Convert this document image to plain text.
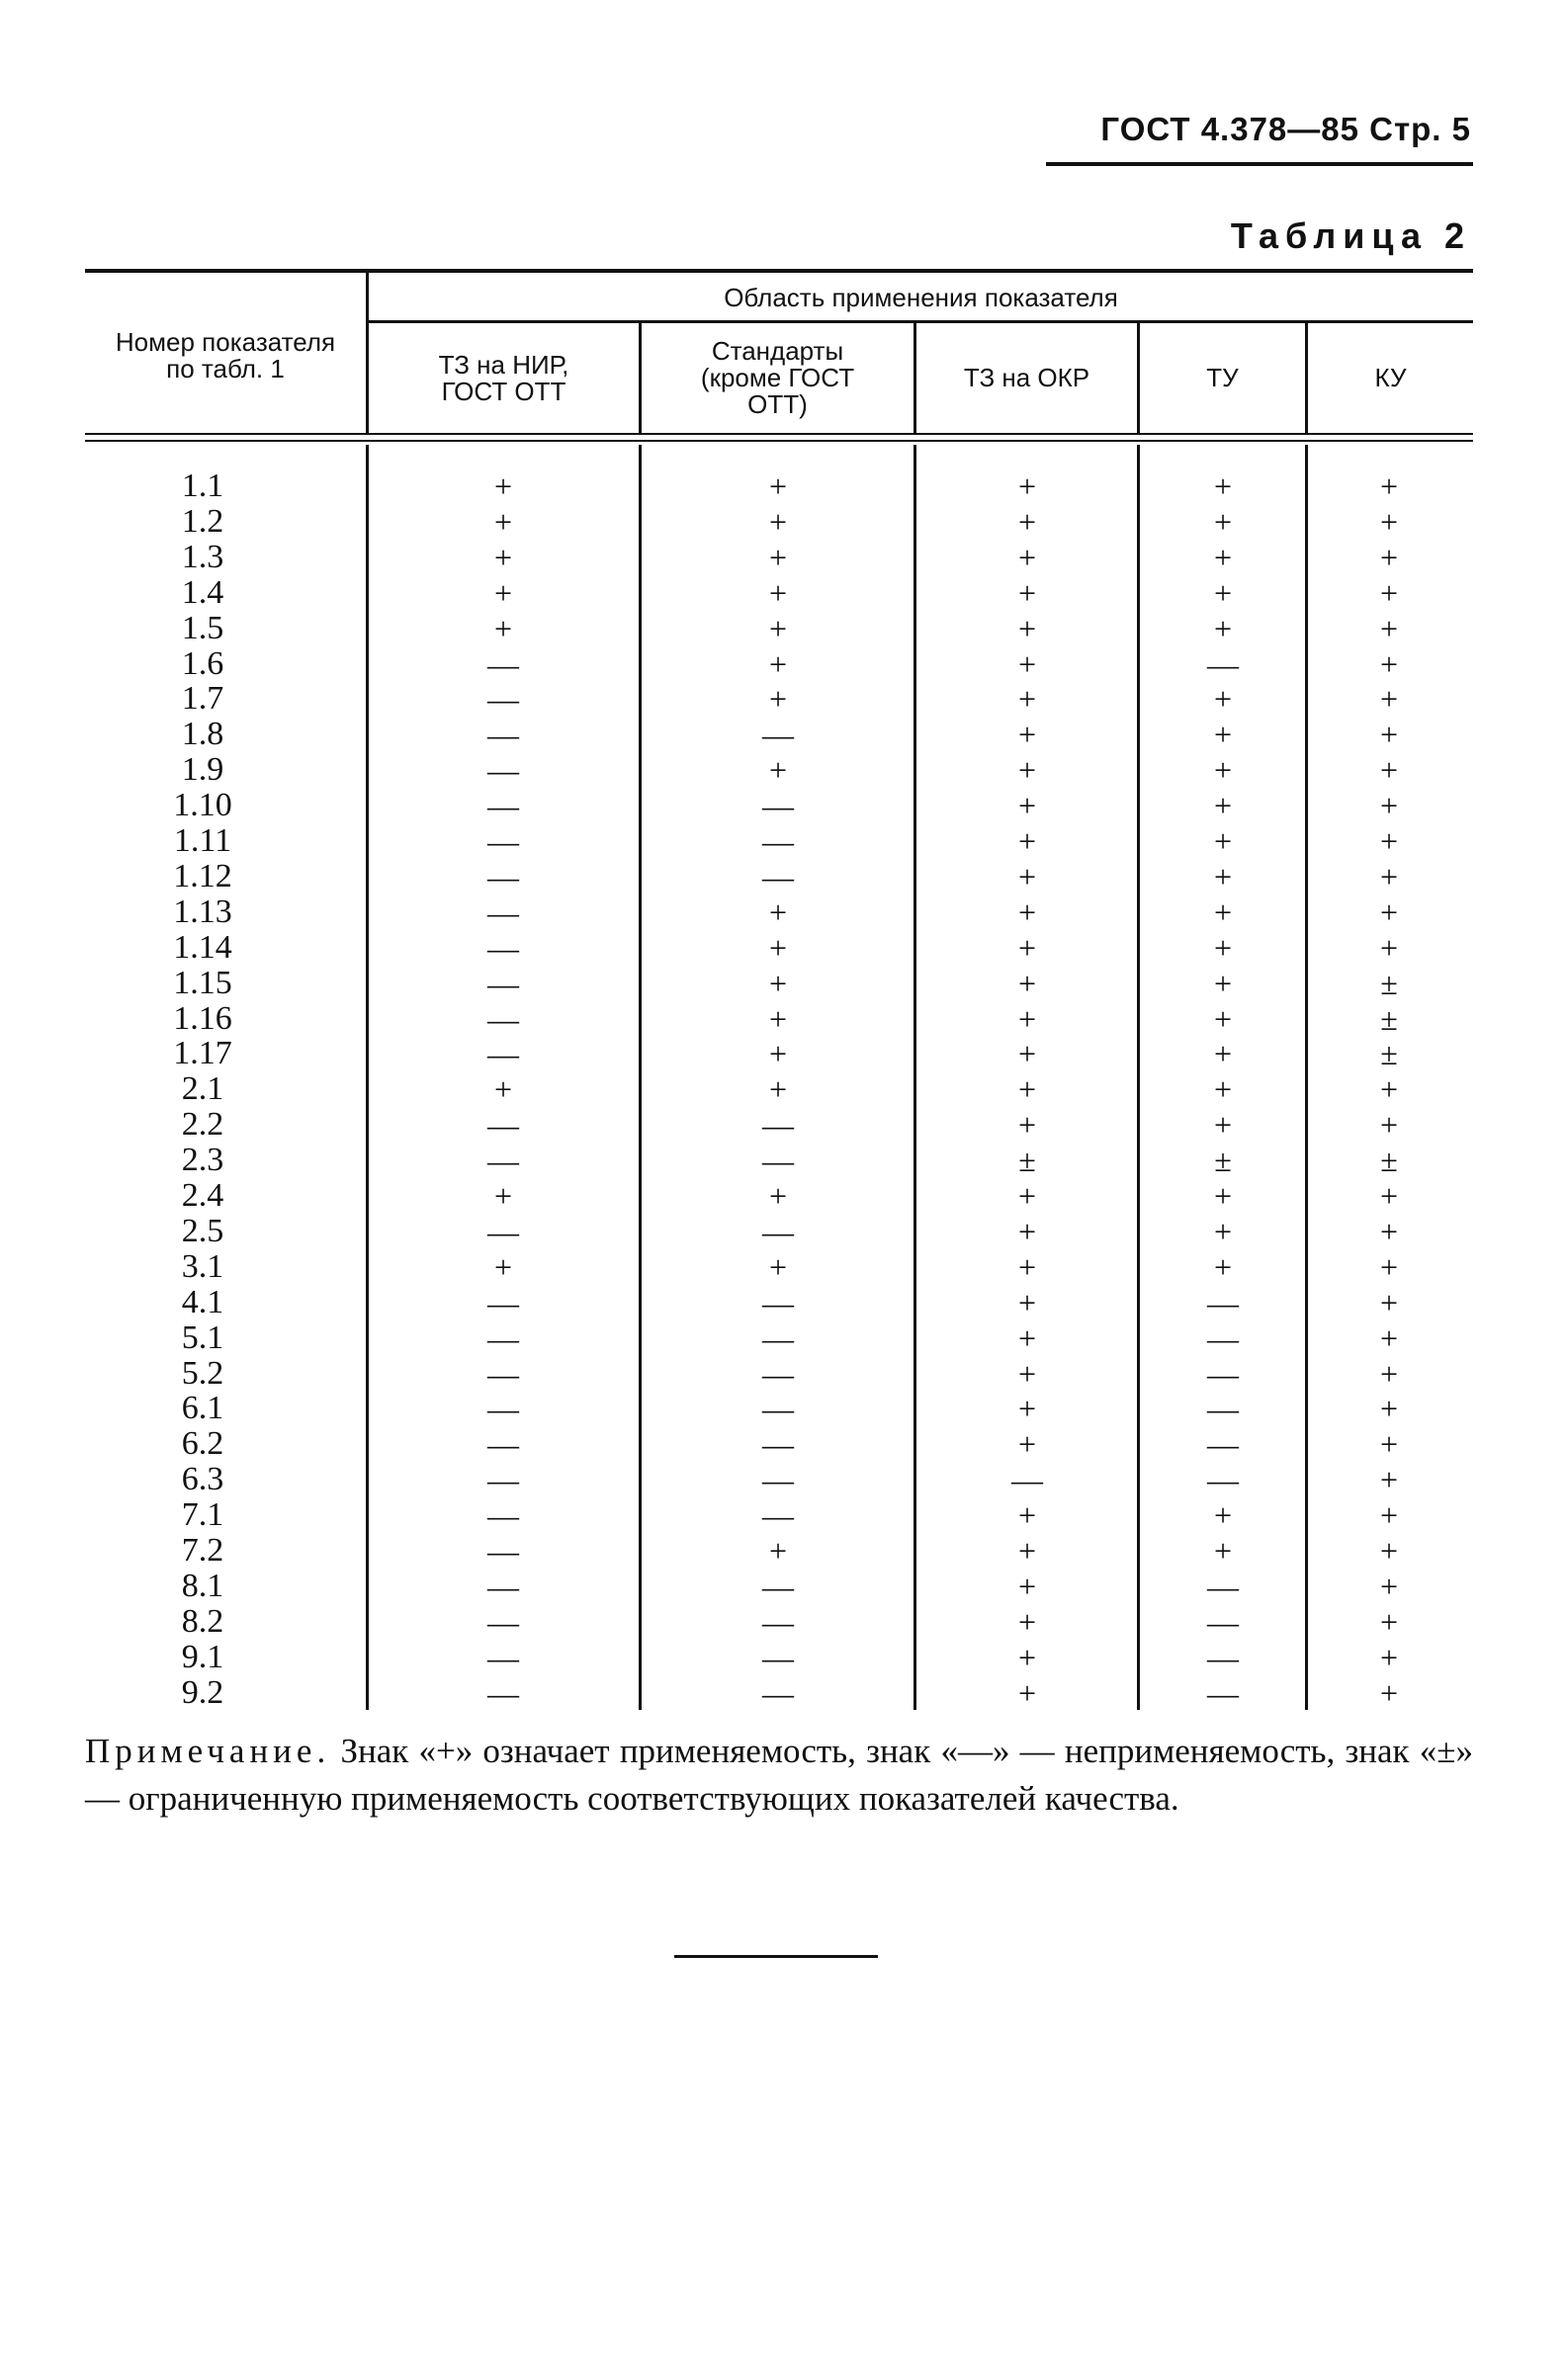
ГОСТ 4.378—85 Стр. 5
Таблица 2
Номер показателя по табл. 1
Область применения показателя
ТЗ на НИР, ГОСТ ОТТ
Стандарты (кроме ГОСТ ОТТ)
ТЗ на ОКР	ТУ	КУ
1.1	+	+	+	+	+
1.2	+	+	+	+	+
1.3	+	+	+	+	+
1.4	+	+	+	+	+
1.5	+	+	+	+	+
1.6	—	+	+	—	+
1.7	—	+	+	+	+
1.8	—	—	+	+	+
1.9	—	+	+	+	+
1.10	—	—	+	+	+
1.11	—	—	+	+	+
1.12	—	—	+	+	+
1.13	—	+	+	+	+
1.14	—	+	+	+	+
1.15	—	+	+	+	±
1.16	—	+	+	+	±
1.17	—	+	+	+	±
2.1	+	+	+	+	+
2.2	—	—	+	+	+
2.3	—	—	±	±	±
2.4	+	+	+	+	+
2.5	—	—	+	+	+
3.1	+	+	+	+	+
4.1	—	—	+	—	+
5.1	—	—	+	—	+
5.2	—	—	+	—	+
6.1	—	—	+	—	+
6.2	—	—	+	—	+
6.3	—	—	—	—	+
7.1	—	—	+	+	+
7.2	—	+	+	+	+
8.1	—	—	+	—	+
8.2	—	—	+	—	+
9.1	—	—	+	—	+
9.2	—	—	+	—	+
Примечание. Знак «+» означает применяемость, знак «—» — неприменяемость, знак «±» — ограниченную применяемость соответствующих показателей качества.
